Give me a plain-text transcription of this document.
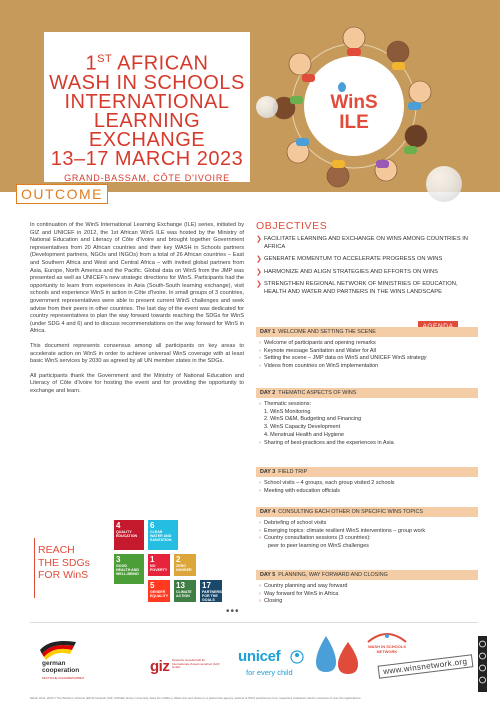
1ST AFRICAN
WASH IN SCHOOLS
INTERNATIONAL
LEARNING EXCHANGE
13–17 MARCH 2023
GRAND-BASSAM, CÔTE D'IVOIRE
WinS
ILE
OUTCOME

In continuation of the WinS International Learning Exchange (ILE) series, initiated by GIZ and UNICEF in 2012, the 1st African WinS ILE was hosted by the Ministry of National Education and Literacy of Côte d'Ivoire and brought together Government representatives from 20 African countries and their key WASH in Schools partners (Development partners, NGOs and INGOs) from a total of 26 African countries – East and Southern Africa and West and Central Africa – with invited global partners from Asia, Europe, North America and the Pacific. Global data on WinS from the JMP was presented as well as UNICEF's new strategic directions for WinS. Participants had the opportunity to learn from experiences in Asia (South-South learning exchange), visit schools and experience WinS in action in Côte d'Ivoire. In small groups of 3 countries, government representatives were able to present current WinS challenges and seek advise from their peers in other countries. The last day of the event was dedicated for country representatives to plan the way forward towards reaching the SDGs for WinS (under SDG 4 and 6) and to discuss recommendations on the way forward for WinS in Africa.

This document represents consensus among all participants on key areas to accelerate action on WinS in order to achieve universal WinS coverage with at least basic WinS services by 2030 as agreed by all UN member states in the SDGs.

All participants thank the Government and the Ministry of National Education and Literacy of Côte d'Ivoire for hosting the event and for providing the opportunity to exchange and learn.

REACH
THE SDGs
FOR WinS
4
QUALITY EDUCATION
6
CLEAN WATER AND SANITATION
3
GOOD HEALTH AND WELL-BEING
1
NO POVERTY
2
ZERO HUNGER
5
GENDER EQUALITY
13
CLIMATE ACTION
17
PARTNERSHIPS FOR THE GOALS
•••
OBJECTIVES
❯ FACILITATE LEARNING AND EXCHANGE ON WINS AMONG COUNTRIES IN AFRICA
❯ GENERATE MOMENTUM TO ACCELERATE PROGRESS ON WINS
❯ HARMONIZE AND ALIGN STRATEGIES AND EFFORTS ON WINS
❯ STRENGTHEN REGIONAL NETWORK OF MINISTRIES OF EDUCATION, HEALTH AND WATER AND PARTNERS IN THE WINS LANDSCAPE
DAY 1 WELCOME AND SETTING THE SCENE
› Welcome of participants and opening remarks
› Keynote message Sanitation and Water for All
› Setting the scene – JMP data on WinS and UNICEF WinS strategy
› Videos from countries on WinS implementation
DAY 2 THEMATIC ASPECTS OF WINS
› Thematic sessions:
1. WinS Monitoring
2. WinS O&M, Budgeting and Financing
3. WinS Capacity Development
4. Menstrual Health and Hygiene
› Sharing of best-practices and the experiences in Asia
DAY 3 FIELD TRIP
› School visits – 4 groups, each group visited 2 schools
› Meeting with education officials
DAY 4 CONSULTING EACH OTHER ON SPECIFIC WINS TOPICS
› Debriefing of school visits
› Emerging topics: climate resilient WinS interventions – group work
› Country consultation sessions (3 countries):
peer to peer learning on WinS challenges
DAY 5 PLANNING, WAY FORWARD AND CLOSING
› Country planning and way forward
› Way forward for WinS in Africa
› Closing
german
cooperation
DEUTSCHE ZUSAMMENARBEIT
giz Deutsche Gesellschaft für Internationale Zusammenarbeit (GIZ) GmbH
unicef
for every child
WASH IN SCHOOLS NETWORK
www.winsnetwork.org
March 22nd, 2023 // The WASH in Schools (WinS) Network (GIZ, UNICEF, Emory University, Save the Children, Water Aid, and others) is a global inter-agency network of WinS practitioners from respective institutions which comprises of over 60 organizations.
